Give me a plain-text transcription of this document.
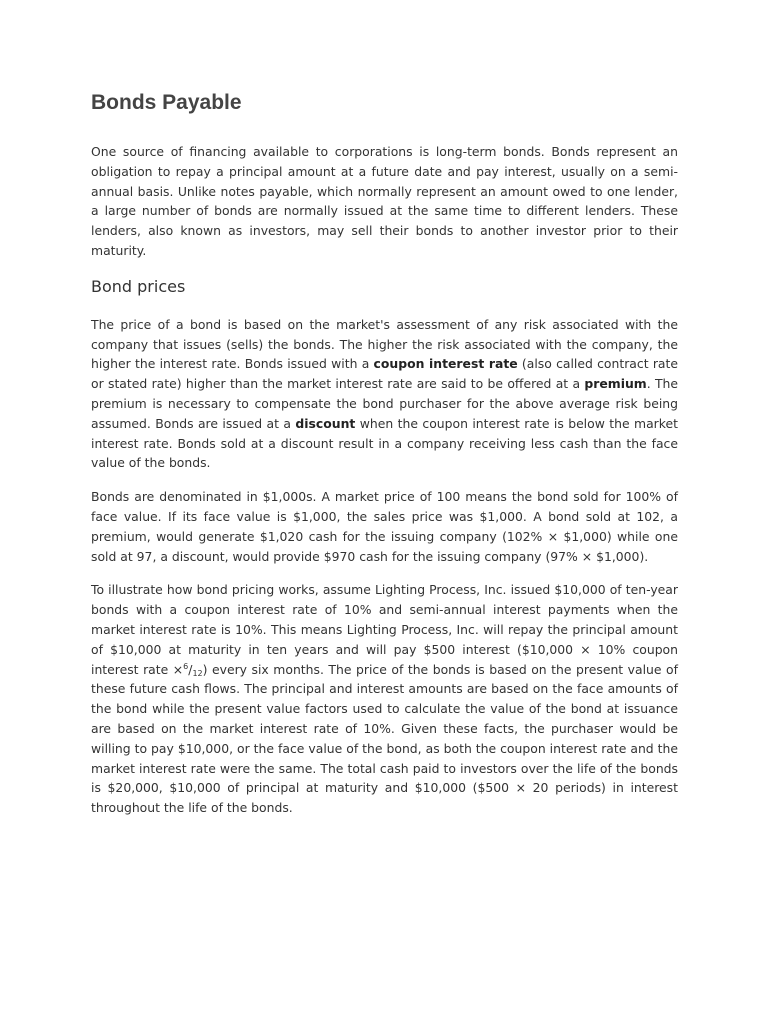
Bonds Payable

One source of financing available to corporations is long-term bonds. Bonds represent an obligation to repay a principal amount at a future date and pay interest, usually on a semi-annual basis. Unlike notes payable, which normally represent an amount owed to one lender, a large number of bonds are normally issued at the same time to different lenders. These lenders, also known as investors, may sell their bonds to another investor prior to their maturity.

Bond prices

The price of a bond is based on the market's assessment of any risk associated with the company that issues (sells) the bonds. The higher the risk associated with the company, the higher the interest rate. Bonds issued with a coupon interest rate (also called contract rate or stated rate) higher than the market interest rate are said to be offered at a premium. The premium is necessary to compensate the bond purchaser for the above average risk being assumed. Bonds are issued at a discount when the coupon interest rate is below the market interest rate. Bonds sold at a discount result in a company receiving less cash than the face value of the bonds.

Bonds are denominated in $1,000s. A market price of 100 means the bond sold for 100% of face value. If its face value is $1,000, the sales price was $1,000. A bond sold at 102, a premium, would generate $1,020 cash for the issuing company (102% × $1,000) while one sold at 97, a discount, would provide $970 cash for the issuing company (97% × $1,000).

To illustrate how bond pricing works, assume Lighting Process, Inc. issued $10,000 of ten-year bonds with a coupon interest rate of 10% and semi-annual interest payments when the market interest rate is 10%. This means Lighting Process, Inc. will repay the principal amount of $10,000 at maturity in ten years and will pay $500 interest ($10,000 × 10% coupon interest rate $\times^6/_{12}$) every six months. The price of the bonds is based on the present value of these future cash flows. The principal and interest amounts are based on the face amounts of the bond while the present value factors used to calculate the value of the bond at issuance are based on the market interest rate of 10%. Given these facts, the purchaser would be willing to pay $10,000, or the face value of the bond, as both the coupon interest rate and the market interest rate were the same. The total cash paid to investors over the life of the bonds is $20,000, $10,000 of principal at maturity and $10,000 ($500 × 20 periods) in interest throughout the life of the bonds.
